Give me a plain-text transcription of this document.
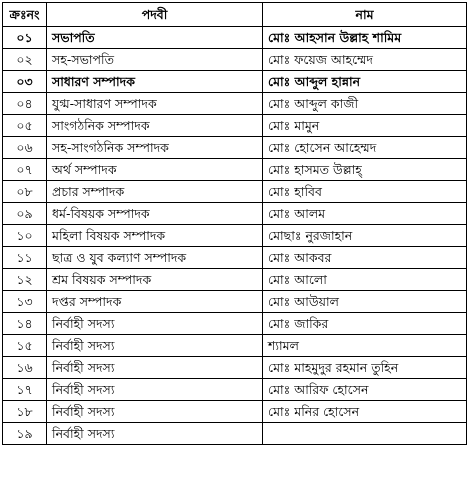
ক্রঃনং	পদবী	নাম
০১	সভাপতি	মোঃ আহসান উল্লাহ শামিম
০২	সহ-সভাপতি	মোঃ ফয়েজ আহম্মেদ
০৩	সাধারণ সম্পাদক	মোঃ আব্দুল হান্নান
০৪	যুগ্ম-সাধারণ সম্পাদক	মোঃ আব্দুল কাজী
০৫	সাংগঠনিক সম্পাদক	মোঃ মামুন
০৬	সহ-সাংগঠনিক সম্পাদক	মোঃ হোসেন আহেম্মদ
০৭	অর্থ সম্পাদক	মোঃ হাসমত উল্লাহ্
০৮	প্রচার সম্পাদক	মোঃ হাবিব
০৯	ধর্ম-বিষয়ক সম্পাদক	মোঃ আলম
১০	মহিলা বিষয়ক সম্পাদক	মোছাঃ নুরজাহান
১১	ছাত্র ও যুব কল্যাণ সম্পাদক	মোঃ আকবর
১২	শ্রম বিষয়ক সম্পাদক	মোঃ আলো
১৩	দপ্তর সম্পাদক	মোঃ আউয়াল
১৪	নির্বাহী সদস্য	মোঃ জাকির
১৫	নির্বাহী সদস্য	শ্যামল
১৬	নির্বাহী সদস্য	মোঃ মাহমুদুর রহমান তুহিন
১৭	নির্বাহী সদস্য	মোঃ আরিফ হোসেন
১৮	নির্বাহী সদস্য	মোঃ মনির হোসেন
১৯	নির্বাহী সদস্য	
